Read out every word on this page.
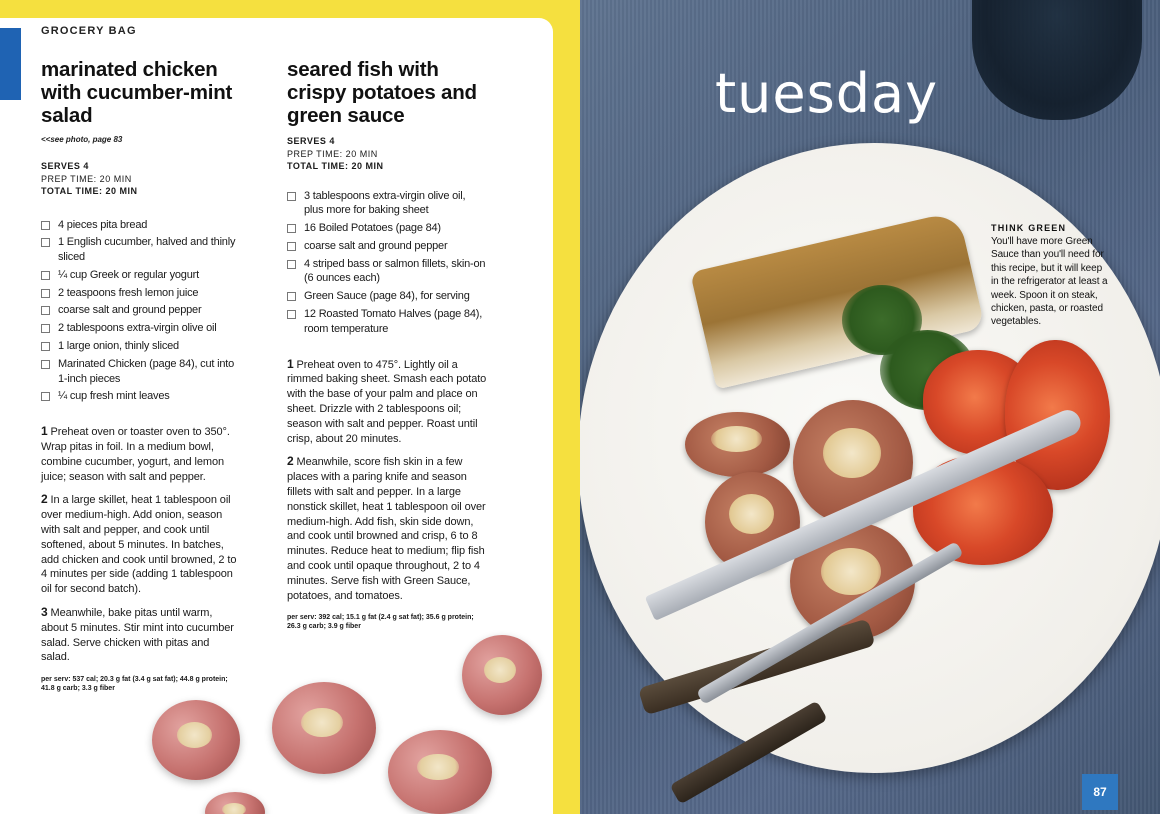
GROCERY BAG
marinated chicken with cucumber-mint salad
<<see photo, page 83
SERVES 4
PREP TIME: 20 MIN
TOTAL TIME: 20 MIN
4 pieces pita bread
1 English cucumber, halved and thinly sliced
¼ cup Greek or regular yogurt
2 teaspoons fresh lemon juice
coarse salt and ground pepper
2 tablespoons extra-virgin olive oil
1 large onion, thinly sliced
Marinated Chicken (page 84), cut into 1-inch pieces
¼ cup fresh mint leaves

1 Preheat oven or toaster oven to 350°. Wrap pitas in foil. In a medium bowl, combine cucumber, yogurt, and lemon juice; season with salt and pepper.

2 In a large skillet, heat 1 tablespoon oil over medium-high. Add onion, season with salt and pepper, and cook until softened, about 5 minutes. In batches, add chicken and cook until browned, 2 to 4 minutes per side (adding 1 tablespoon oil for second batch).

3 Meanwhile, bake pitas until warm, about 5 minutes. Stir mint into cucumber salad. Serve chicken with pitas and salad.

per serv: 537 cal; 20.3 g fat (3.4 g sat fat); 44.8 g protein; 41.8 g carb; 3.3 g fiber
seared fish with crispy potatoes and green sauce
SERVES 4
PREP TIME: 20 MIN
TOTAL TIME: 20 MIN
3 tablespoons extra-virgin olive oil, plus more for baking sheet
16 Boiled Potatoes (page 84)
coarse salt and ground pepper
4 striped bass or salmon fillets, skin-on (6 ounces each)
Green Sauce (page 84), for serving
12 Roasted Tomato Halves (page 84), room temperature

1 Preheat oven to 475°. Lightly oil a rimmed baking sheet. Smash each potato with the base of your palm and place on sheet. Drizzle with 2 tablespoons oil; season with salt and pepper. Roast until crisp, about 20 minutes.

2 Meanwhile, score fish skin in a few places with a paring knife and season fillets with salt and pepper. In a large nonstick skillet, heat 1 tablespoon oil over medium-high. Add fish, skin side down, and cook until browned and crisp, 6 to 8 minutes. Reduce heat to medium; flip fish and cook until opaque throughout, 2 to 4 minutes. Serve fish with Green Sauce, potatoes, and tomatoes.

per serv: 392 cal; 15.1 g fat (2.4 g sat fat); 35.6 g protein; 26.3 g carb; 3.9 g fiber
tuesday
THINK GREEN
You'll have more Green Sauce than you'll need for this recipe, but it will keep in the refrigerator at least a week. Spoon it on steak, chicken, pasta, or roasted vegetables.
87
